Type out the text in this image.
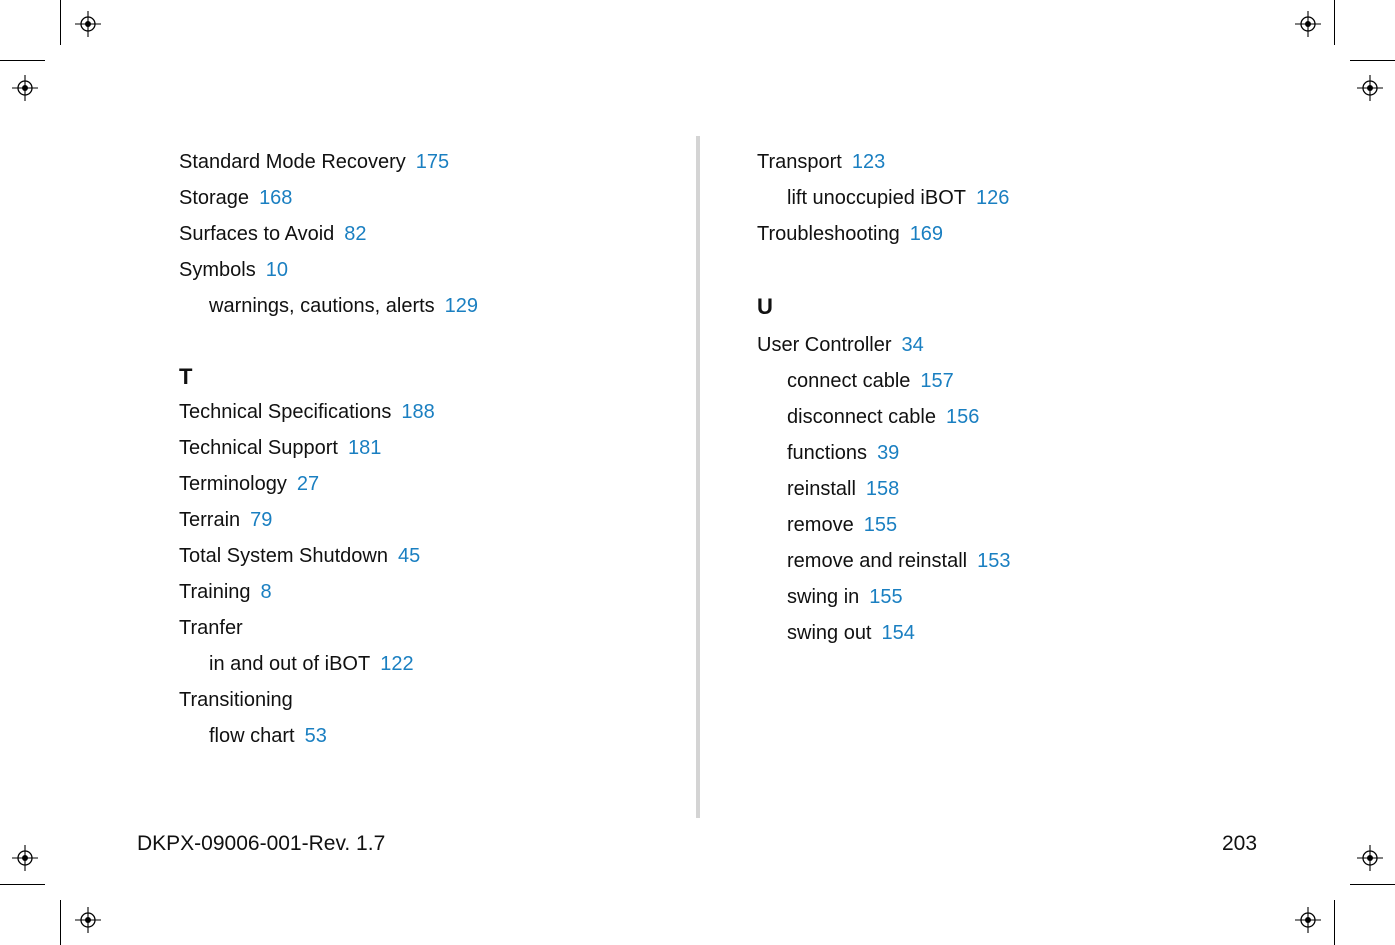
Standard Mode Recovery 175
Storage 168
Surfaces to Avoid 82
Symbols 10
warnings, cautions, alerts 129
T
Technical Specifications 188
Technical Support 181
Terminology 27
Terrain 79
Total System Shutdown 45
Training 8
Tranfer
in and out of iBOT 122
Transitioning
flow chart 53
Transport 123
lift unoccupied iBOT 126
Troubleshooting 169
U
User Controller 34
connect cable 157
disconnect cable 156
functions 39
reinstall 158
remove 155
remove and reinstall 153
swing in 155
swing out 154
DKPX-09006-001-Rev. 1.7	203
